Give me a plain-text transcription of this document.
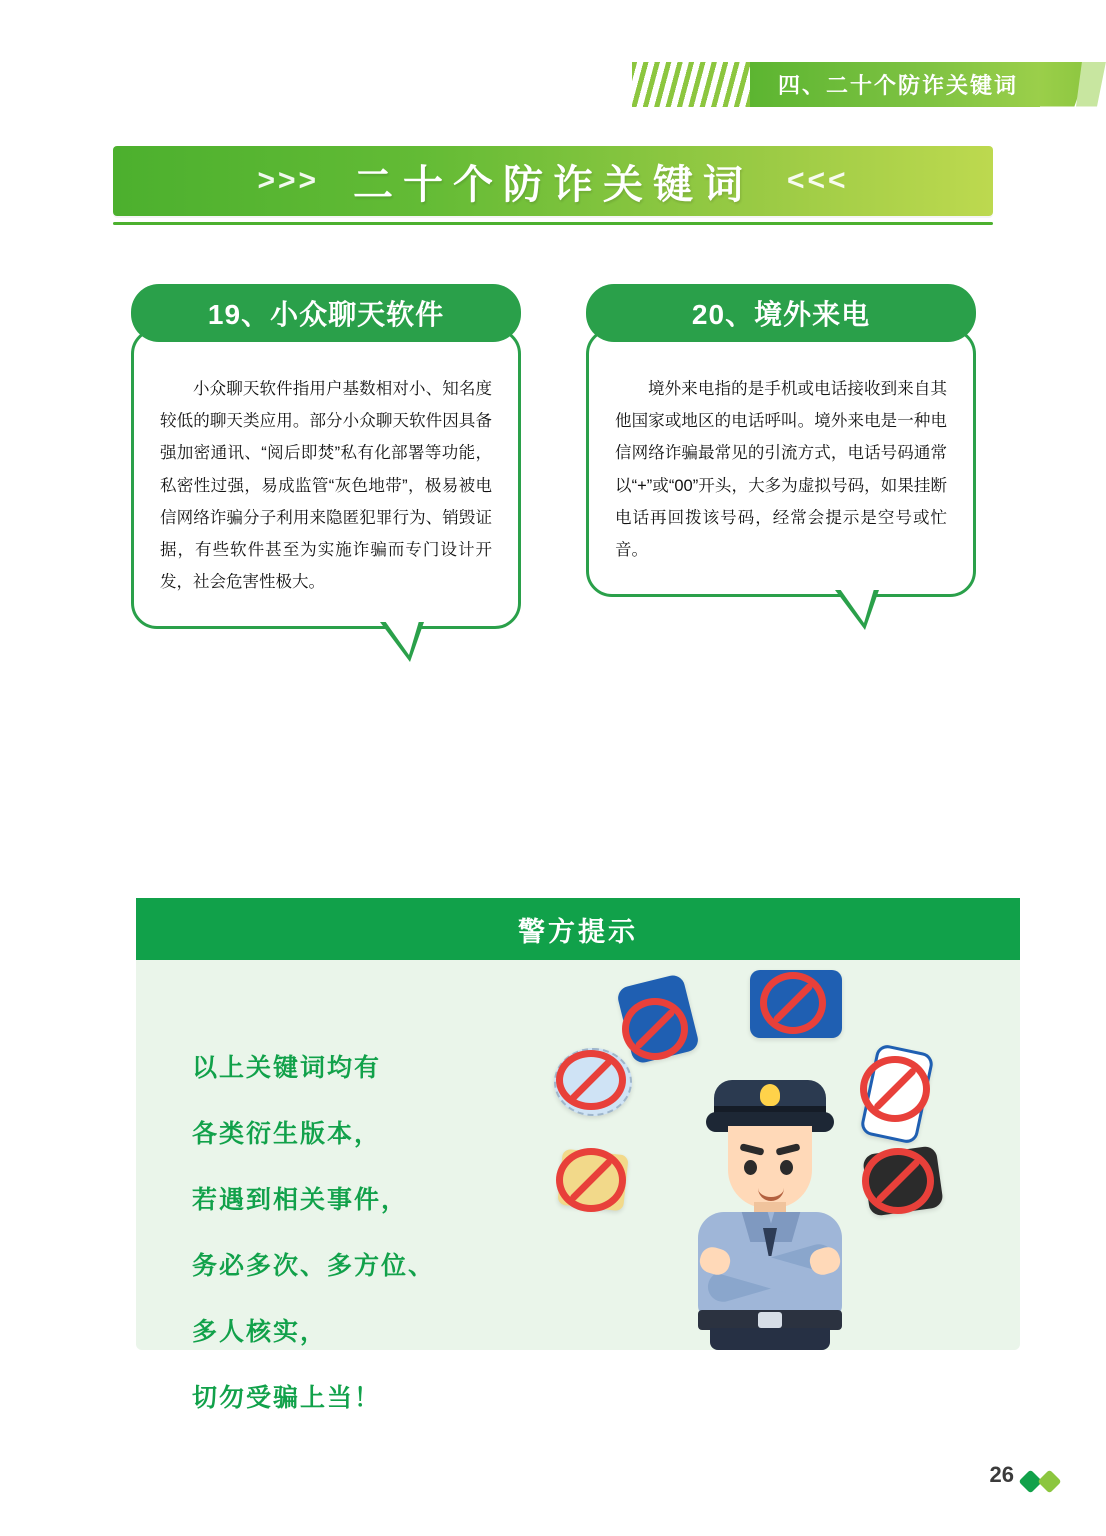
四、二十个防诈关键词
>>> 二十个防诈关键词 <<<
19、小众聊天软件

小众聊天软件指用户基数相对小、知名度较低的聊天类应用。部分小众聊天软件因具备强加密通讯、“阅后即焚”私有化部署等功能，私密性过强，易成监管“灰色地带”，极易被电信网络诈骗分子利用来隐匿犯罪行为、销毁证据，有些软件甚至为实施诈骗而专门设计开发，社会危害性极大。

20、境外来电

境外来电指的是手机或电话接收到来自其他国家或地区的电话呼叫。境外来电是一种电信网络诈骗最常见的引流方式，电话号码通常以“+”或“00”开头，大多为虚拟号码，如果挂断电话再回拨该号码，经常会提示是空号或忙音。

警方提示
以上关键词均有
各类衍生版本，
若遇到相关事件，
务必多次、多方位、
多人核实，
切勿受骗上当！
26
